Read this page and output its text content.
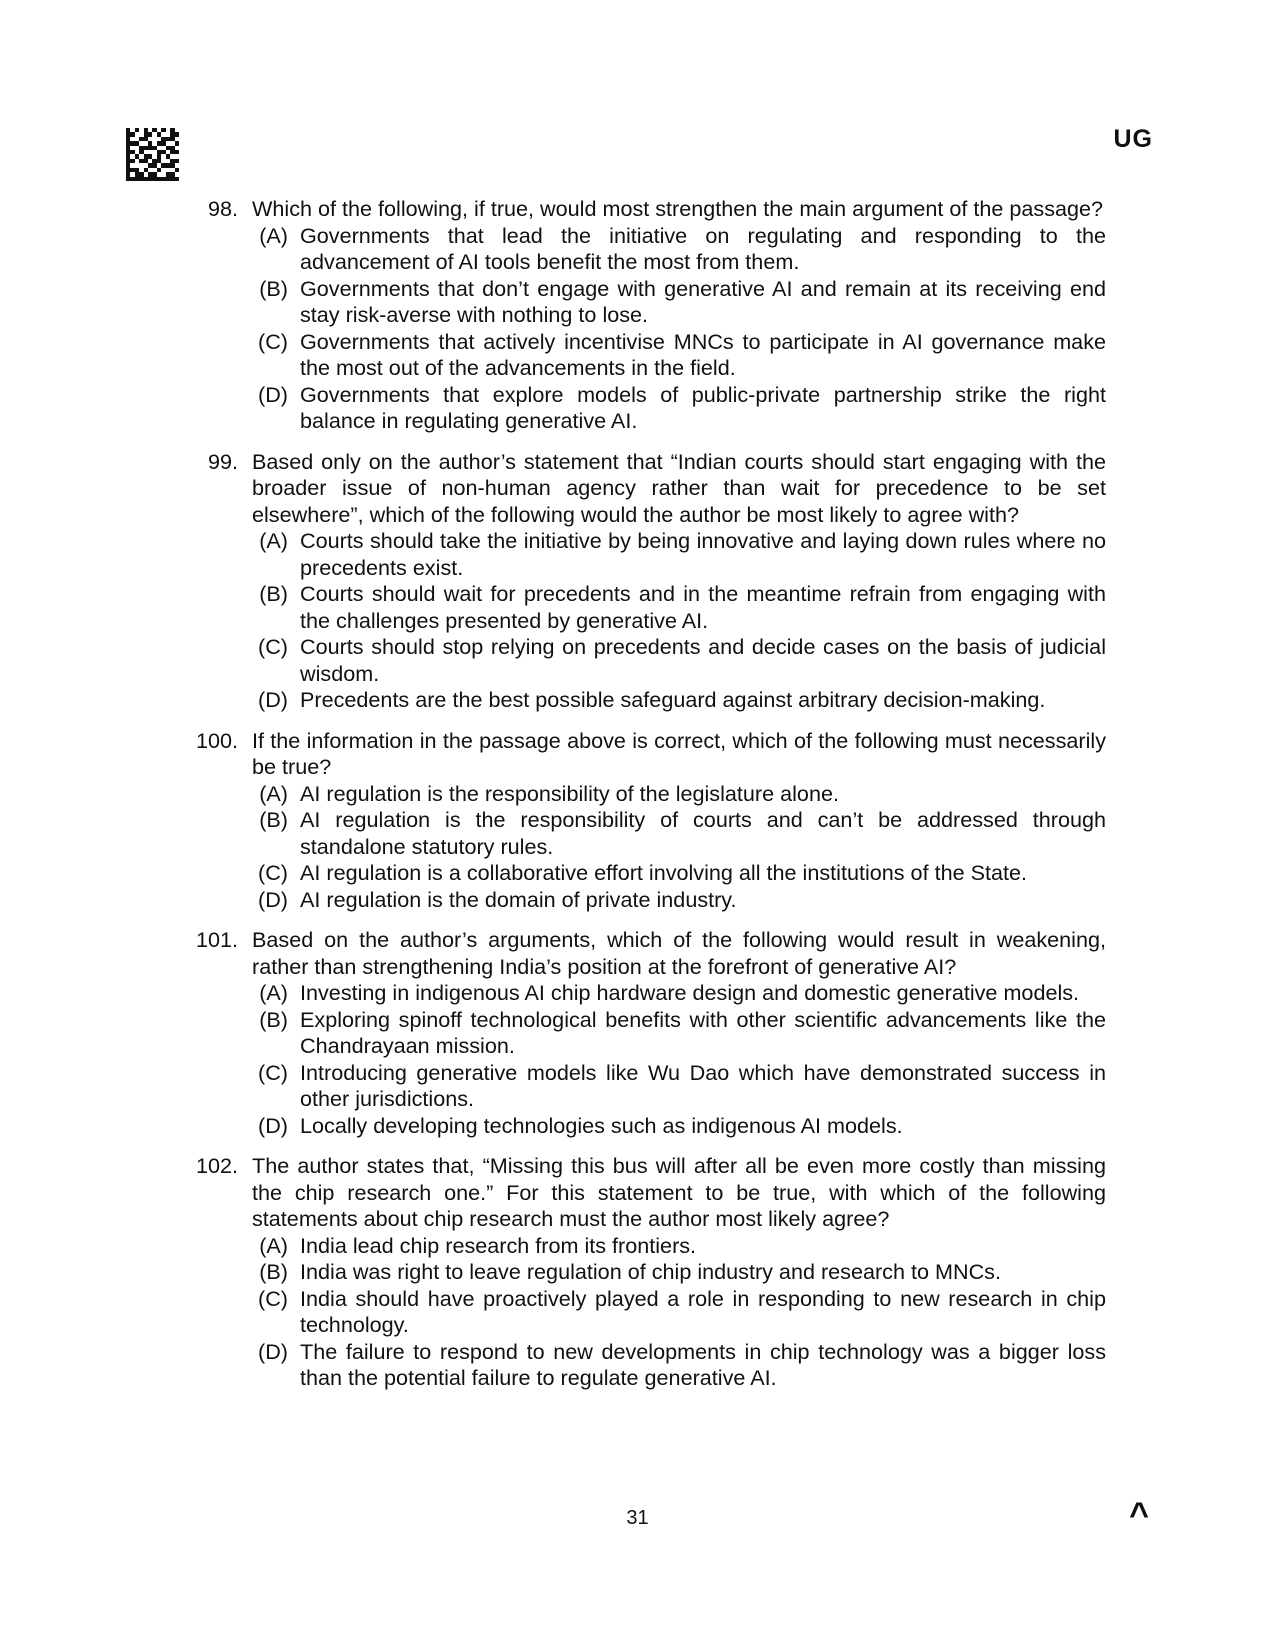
UG
98. Which of the following, if true, would most strengthen the main argument of the passage?
(A) Governments that lead the initiative on regulating and responding to the advancement of AI tools benefit the most from them.
(B) Governments that don’t engage with generative AI and remain at its receiving end stay risk-averse with nothing to lose.
(C) Governments that actively incentivise MNCs to participate in AI governance make the most out of the advancements in the field.
(D) Governments that explore models of public-private partnership strike the right balance in regulating generative AI.
99. Based only on the author’s statement that “Indian courts should start engaging with the broader issue of non-human agency rather than wait for precedence to be set elsewhere”, which of the following would the author be most likely to agree with?
(A) Courts should take the initiative by being innovative and laying down rules where no precedents exist.
(B) Courts should wait for precedents and in the meantime refrain from engaging with the challenges presented by generative AI.
(C) Courts should stop relying on precedents and decide cases on the basis of judicial wisdom.
(D) Precedents are the best possible safeguard against arbitrary decision-making.
100. If the information in the passage above is correct, which of the following must necessarily be true?
(A) AI regulation is the responsibility of the legislature alone.
(B) AI regulation is the responsibility of courts and can’t be addressed through standalone statutory rules.
(C) AI regulation is a collaborative effort involving all the institutions of the State.
(D) AI regulation is the domain of private industry.
101. Based on the author’s arguments, which of the following would result in weakening, rather than strengthening India’s position at the forefront of generative AI?
(A) Investing in indigenous AI chip hardware design and domestic generative models.
(B) Exploring spinoff technological benefits with other scientific advancements like the Chandrayaan mission.
(C) Introducing generative models like Wu Dao which have demonstrated success in other jurisdictions.
(D) Locally developing technologies such as indigenous AI models.
102. The author states that, “Missing this bus will after all be even more costly than missing the chip research one.” For this statement to be true, with which of the following statements about chip research must the author most likely agree?
(A) India lead chip research from its frontiers.
(B) India was right to leave regulation of chip industry and research to MNCs.
(C) India should have proactively played a role in responding to new research in chip technology.
(D) The failure to respond to new developments in chip technology was a bigger loss than the potential failure to regulate generative AI.
31	^
